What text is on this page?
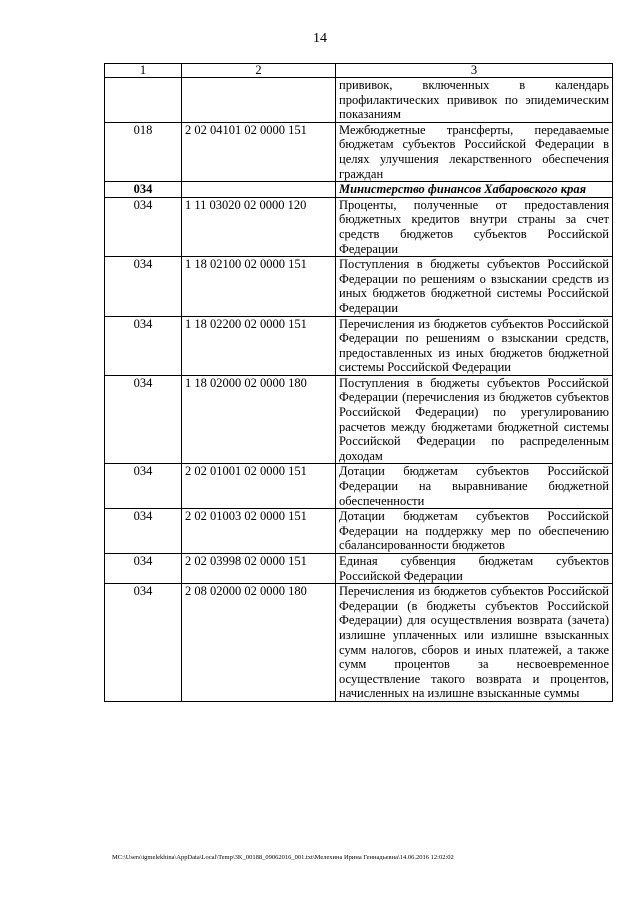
14
1	2	3
		прививок, включенных в календарь профилактических прививок по эпидемическим показаниям
018	2 02 04101 02 0000 151	Межбюджетные трансферты, передаваемые бюджетам субъектов Российской Федерации в целях улучшения лекарственного обеспечения граждан
034		Министерство финансов Хабаровского края
034	1 11 03020 02 0000 120	Проценты, полученные от предоставления бюджетных кредитов внутри страны за счет средств бюджетов субъектов Российской Федерации
034	1 18 02100 02 0000 151	Поступления в бюджеты субъектов Российской Федерации по решениям о взыскании средств из иных бюджетов бюджетной системы Российской Федерации
034	1 18 02200 02 0000 151	Перечисления из бюджетов субъектов Российской Федерации по решениям о взыскании средств, предоставленных из иных бюджетов бюджетной системы Российской Федерации
034	1 18 02000 02 0000 180	Поступления в бюджеты субъектов Российской Федерации (перечисления из бюджетов субъектов Российской Федерации) по урегулированию расчетов между бюджетами бюджетной системы Российской Федерации по распределенным доходам
034	2 02 01001 02 0000 151	Дотации бюджетам субъектов Российской Федерации на выравнивание бюджетной обеспеченности
034	2 02 01003 02 0000 151	Дотации бюджетам субъектов Российской Федерации на поддержку мер по обеспечению сбалансированности бюджетов
034	2 02 03998 02 0000 151	Единая субвенция бюджетам субъектов Российской Федерации
034	2 08 02000 02 0000 180	Перечисления из бюджетов субъектов Российской Федерации (в бюджеты субъектов Российской Федерации) для осуществления возврата (зачета) излишне уплаченных или излишне взысканных сумм налогов, сборов и иных платежей, а также сумм процентов за несвоевременное осуществление такого возврата и процентов, начисленных на излишне взысканные суммы
МС:\Users\igmelekhina\AppData\Local\Temp\3K_00188_09062016_001.txt\Мелехина Ирина Геннадьевна\14.06.2016 12:02:02
